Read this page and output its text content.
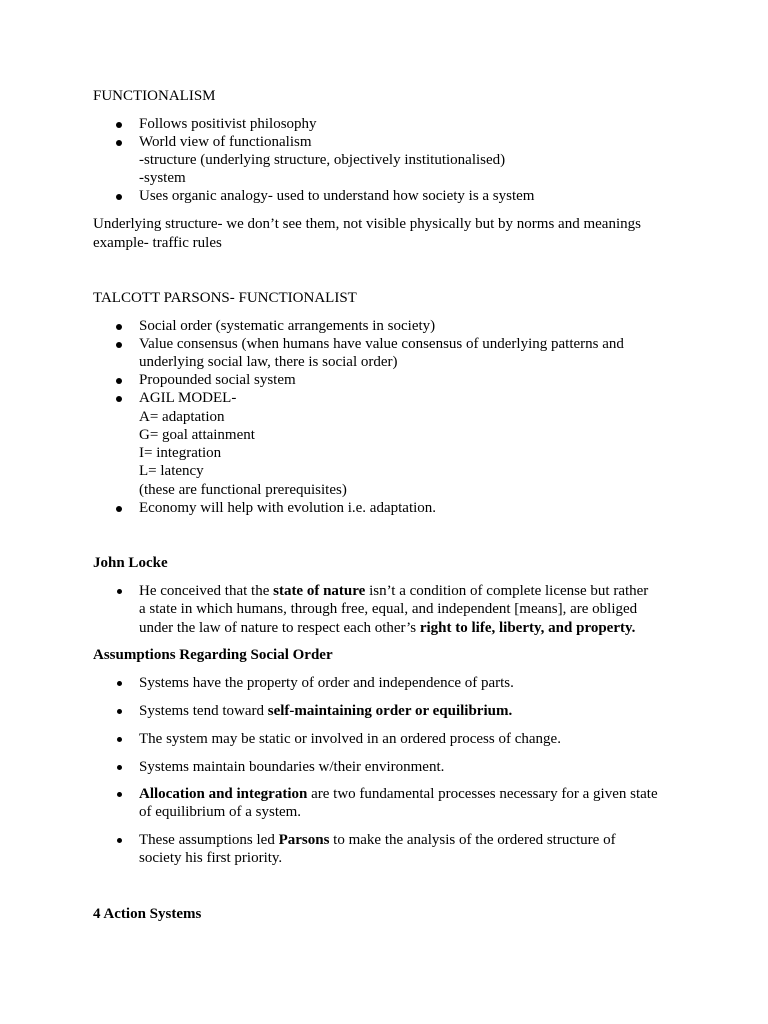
FUNCTIONALISM

Follows positivist philosophy

World view of functionalism

-structure (underlying structure, objectively institutionalised)

-system

Uses organic analogy- used to understand how society is a system

Underlying structure- we don’t see them, not visible physically but by norms and meanings

example- traffic rules

TALCOTT PARSONS- FUNCTIONALIST

Social order (systematic arrangements in society)

Value consensus (when humans have value consensus of underlying patterns and

underlying social law, there is social order)

Propounded social system

AGIL MODEL-

A= adaptation

G= goal attainment

I= integration

L= latency

(these are functional prerequisites)

Economy will help with evolution i.e. adaptation.

John Locke

He conceived that the state of nature isn’t a condition of complete license but rather

a state in which humans, through free, equal, and independent [means], are obliged

under the law of nature to respect each other’s right to life, liberty, and property.

Assumptions Regarding Social Order

Systems have the property of order and independence of parts.

Systems tend toward self-maintaining order or equilibrium.

The system may be static or involved in an ordered process of change.

Systems maintain boundaries w/their environment.

Allocation and integration are two fundamental processes necessary for a given state

of equilibrium of a system.

These assumptions led Parsons to make the analysis of the ordered structure of

society his first priority.

4 Action Systems
